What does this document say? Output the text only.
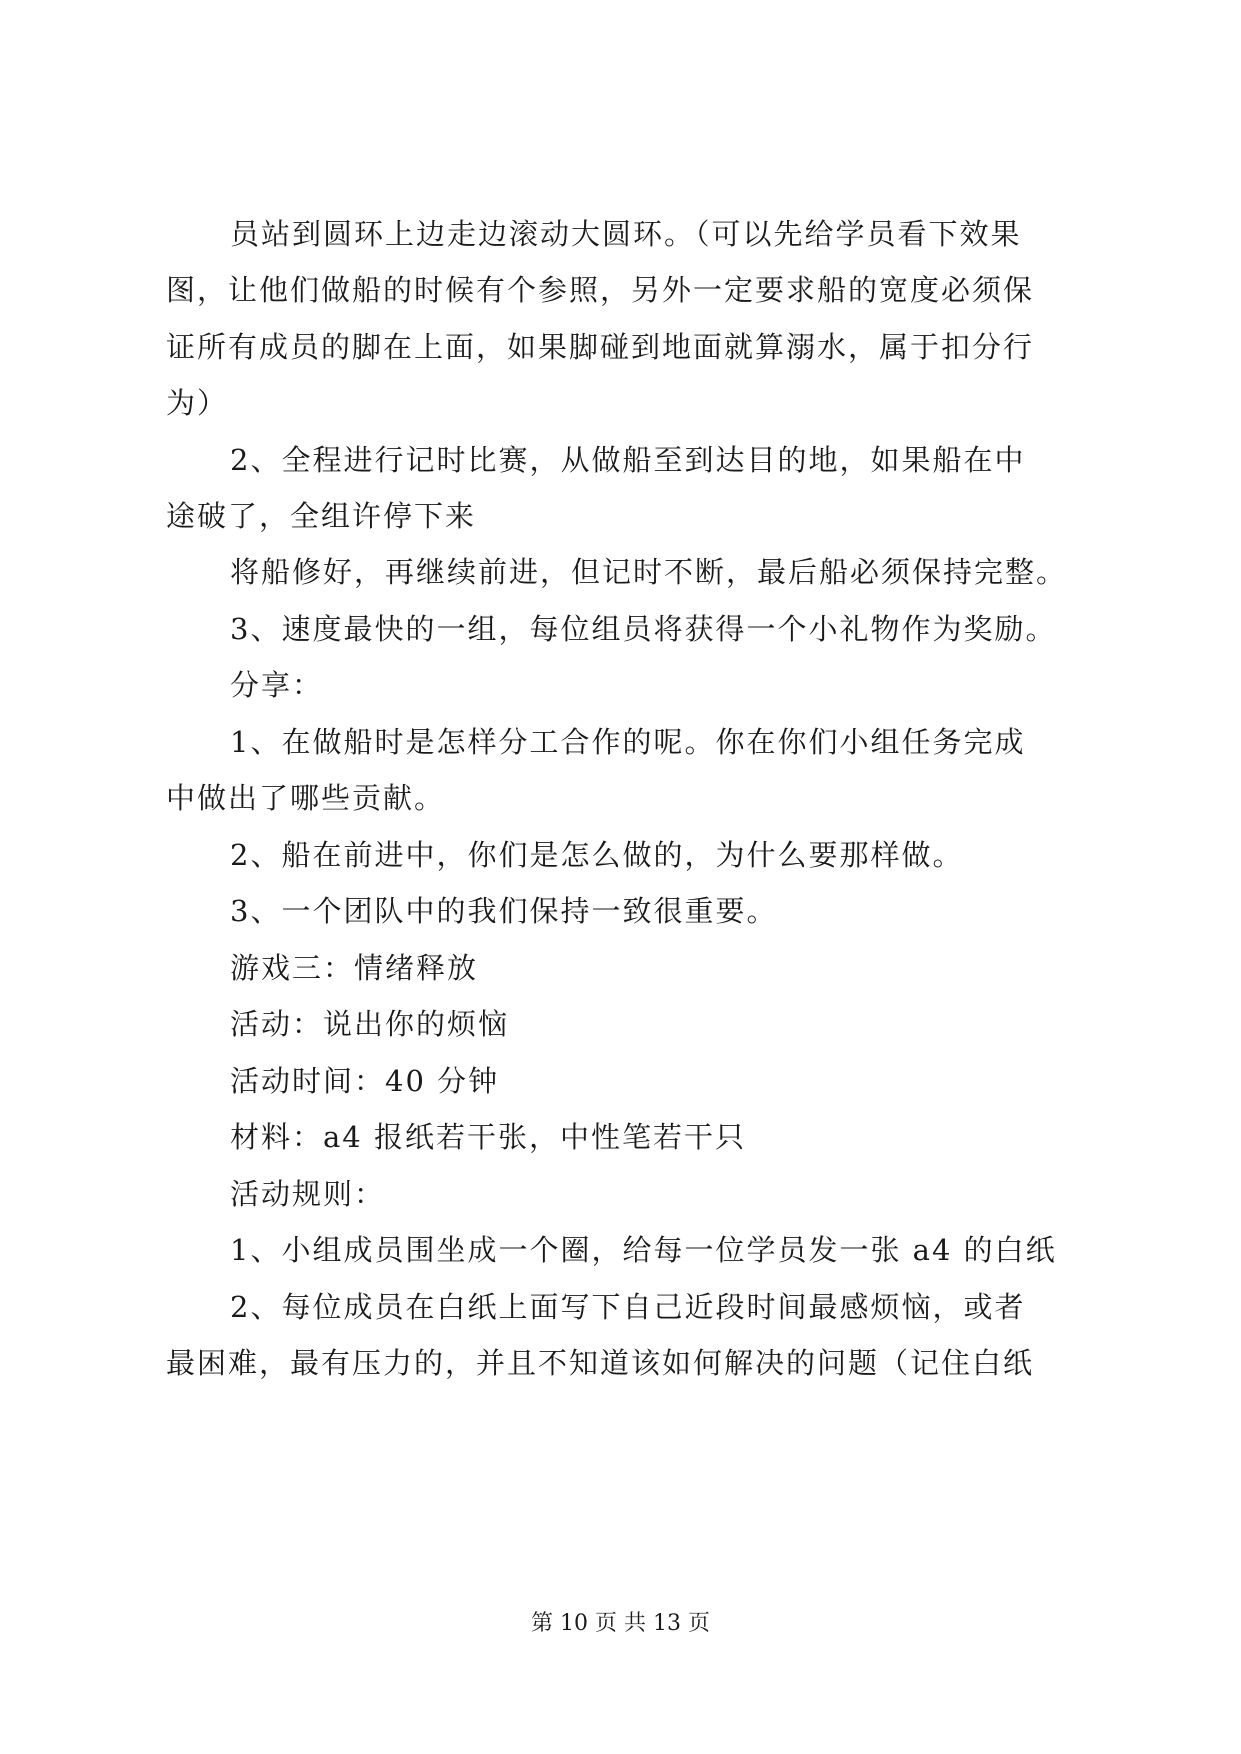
员站到圆环上边走边滚动大圆环。（可以先给学员看下效果
图，让他们做船的时候有个参照，另外一定要求船的宽度必须保
证所有成员的脚在上面，如果脚碰到地面就算溺水，属于扣分行
为）
2、全程进行记时比赛，从做船至到达目的地，如果船在中
途破了，全组许停下来
将船修好，再继续前进，但记时不断，最后船必须保持完整。
3、速度最快的一组，每位组员将获得一个小礼物作为奖励。
分享：
1、在做船时是怎样分工合作的呢。你在你们小组任务完成
中做出了哪些贡献。
2、船在前进中，你们是怎么做的，为什么要那样做。
3、一个团队中的我们保持一致很重要。
游戏三：情绪释放
活动：说出你的烦恼
活动时间：40 分钟
材料：a4 报纸若干张，中性笔若干只
活动规则：
1、小组成员围坐成一个圈，给每一位学员发一张 a4 的白纸
2、每位成员在白纸上面写下自己近段时间最感烦恼，或者
最困难，最有压力的，并且不知道该如何解决的问题（记住白纸
第 10 页 共 13 页
